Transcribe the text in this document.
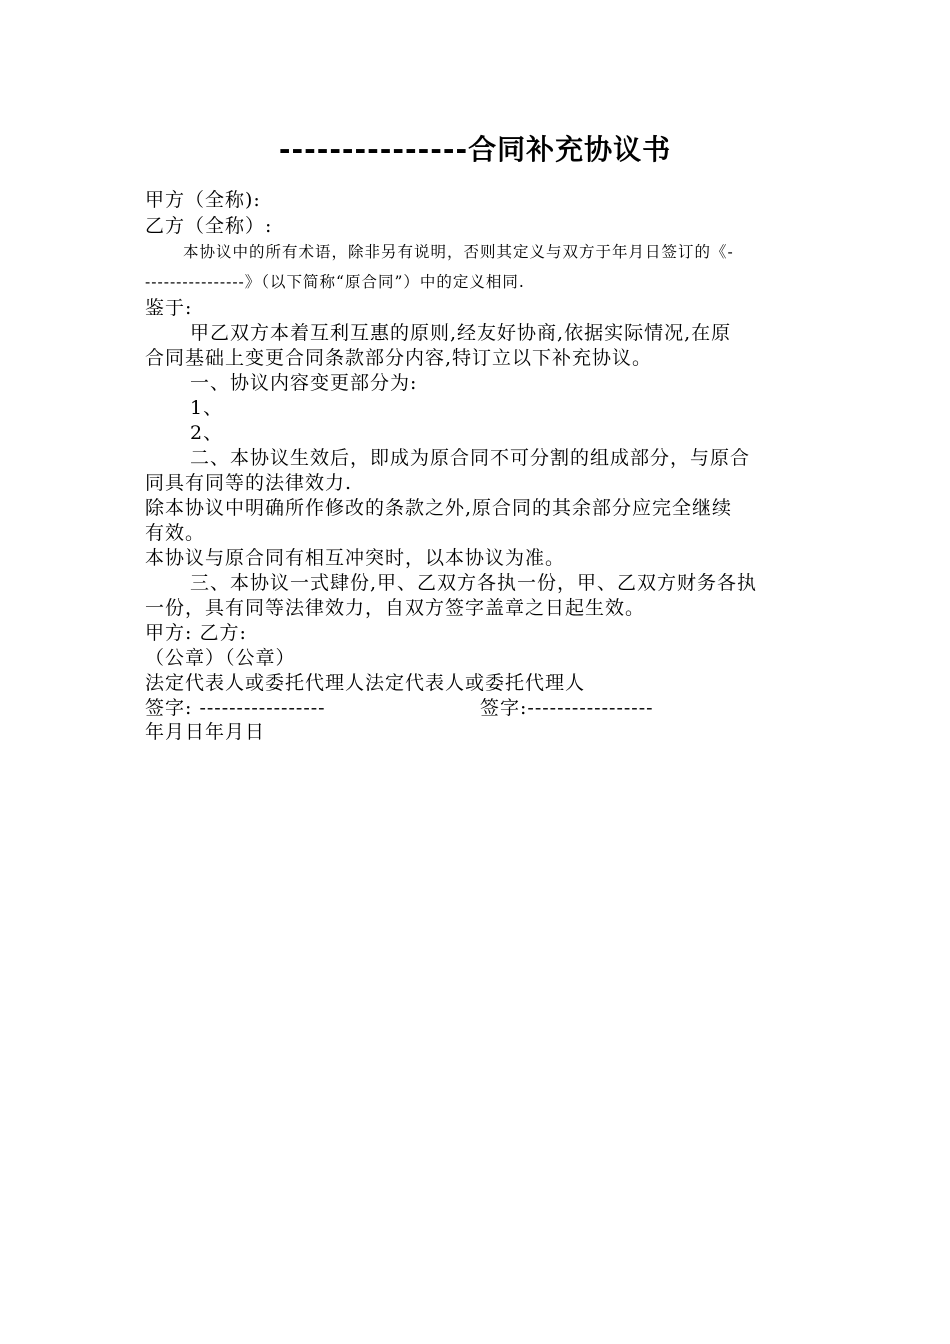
---------------合同补充协议书
甲方（全称):
乙方（全称）:
本协议中的所有术语，除非另有说明，否则其定义与双方于年月日签订的《-
----------------》（以下简称“原合同”）中的定义相同.
鉴于:
甲乙双方本着互利互惠的原则,经友好协商,依据实际情况,在原
合同基础上变更合同条款部分内容,特订立以下补充协议。
一、协议内容变更部分为:
1、
2、
二、本协议生效后，即成为原合同不可分割的组成部分，与原合
同具有同等的法律效力.
除本协议中明确所作修改的条款之外,原合同的其余部分应完全继续
有效。
本协议与原合同有相互冲突时，以本协议为准。
三、本协议一式肆份,甲、乙双方各执一份，甲、乙双方财务各执
一份，具有同等法律效力，自双方签字盖章之日起生效。
甲方: 乙方:
（公章）（公章）
法定代表人或委托代理人法定代表人或委托代理人
签字: -----------------	签字:-----------------
年月日年月日
